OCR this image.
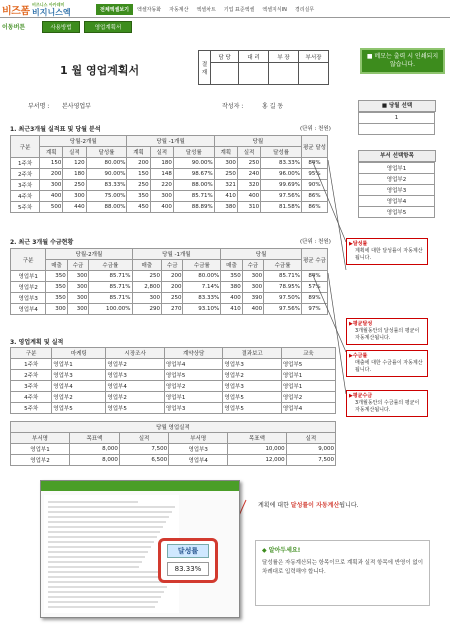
비즈폼
비즈니스 아카데미
비지니스엑	전체엑셀보기	엑셀자동화	자동계산	엑셀차트	기업 표준엑셀	엑셀지식IN	경리실무
이동버튼	사용방법	영업계획서
1 월 영업계획서	결재	담 당	대 리	부 장	부서장
				■ 메모는 출력 시 인쇄되지 않습니다.
부서명 : 본사영업부	작성자 :	홍 길 동
1. 최근3개월 실적표 및 당월 분석	(단위 : 천원)
구분	당월-2개월			당월 -1개월			당월			평균 달성
	계획	실적	달성률	계획	실적	달성률	계획	실적	달성률	
1주차	150	120	80.00%	200	180	90.00%	300	250	83.33%	84%
2주차	200	180	90.00%	150	148	98.67%	250	240	96.00%	95%
3주차	300	250	83.33%	250	220	88.00%	321	320	99.69%	90%
4주차	400	300	75.00%	350	300	85.71%	410	400	97.56%	86%
5주차	500	440	88.00%	450	400	88.89%	380	310	81.58%	86%
2. 최근 3개월 수금현황	(단위 : 천원)
구분	당월-2개월			당월 -1개월			당월			평균 수금
	매출	수금	수금률	매출	수금	수금률	매출	수금	수금률	
영업부1	350	300	85.71%	250	200	80.00%	350	300	85.71%	84%
영업부2	350	300	85.71%	2,800	200	7.14%	380	300	78.95%	57%
영업부3	350	300	85.71%	300	250	83.33%	400	390	97.50%	89%
영업부4	300	300	100.00%	290	270	93.10%	410	400	97.56%	97%
3. 영업계획 및 실적
구분	마케팅	시장조사	계약상담	결과보고	교육
1주차	영업부1	영업부2	영업부4	영업부3	영업부5
2주차	영업부3	영업부3	영업부5	영업부2	영업부1
3주차	영업부4	영업부4	영업부2	영업부3	영업부1
4주차	영업부2	영업부2	영업부1	영업부5	영업부2
5주차	영업부5	영업부5	영업부3	영업부5	영업부4
당월 영업실적					
부서명	목표액	실적	부서명	목표액	실적
영업부1	8,000	7,500	영업부3	10,000	9,000
영업부2	8,000	6,500	영업부4	12,000	7,500
■ 당월 선택
1

부서 선택항목
영업부1
영업부2
영업부3
영업부4
영업부5
▶달성률
계획에 대한 달성률이 자동계산됩니다.
▶평균달성
3개월동안의 달성률의 평균이 자동계산됩니다.
▶수금률
매출에 대한 수금률이 자동계산됩니다.
▶평균수금
3개월동안의 수금률의 평균이 자동계산됩니다.
달성률
83.33%
계획에 대한 달성률이 자동계산됩니다.
◆ 알아두세요!
달성률은 자동계산되는 항목이므로 계획과 실적 항목에 반영이 없이 차례대로 입력해야 합니다.
